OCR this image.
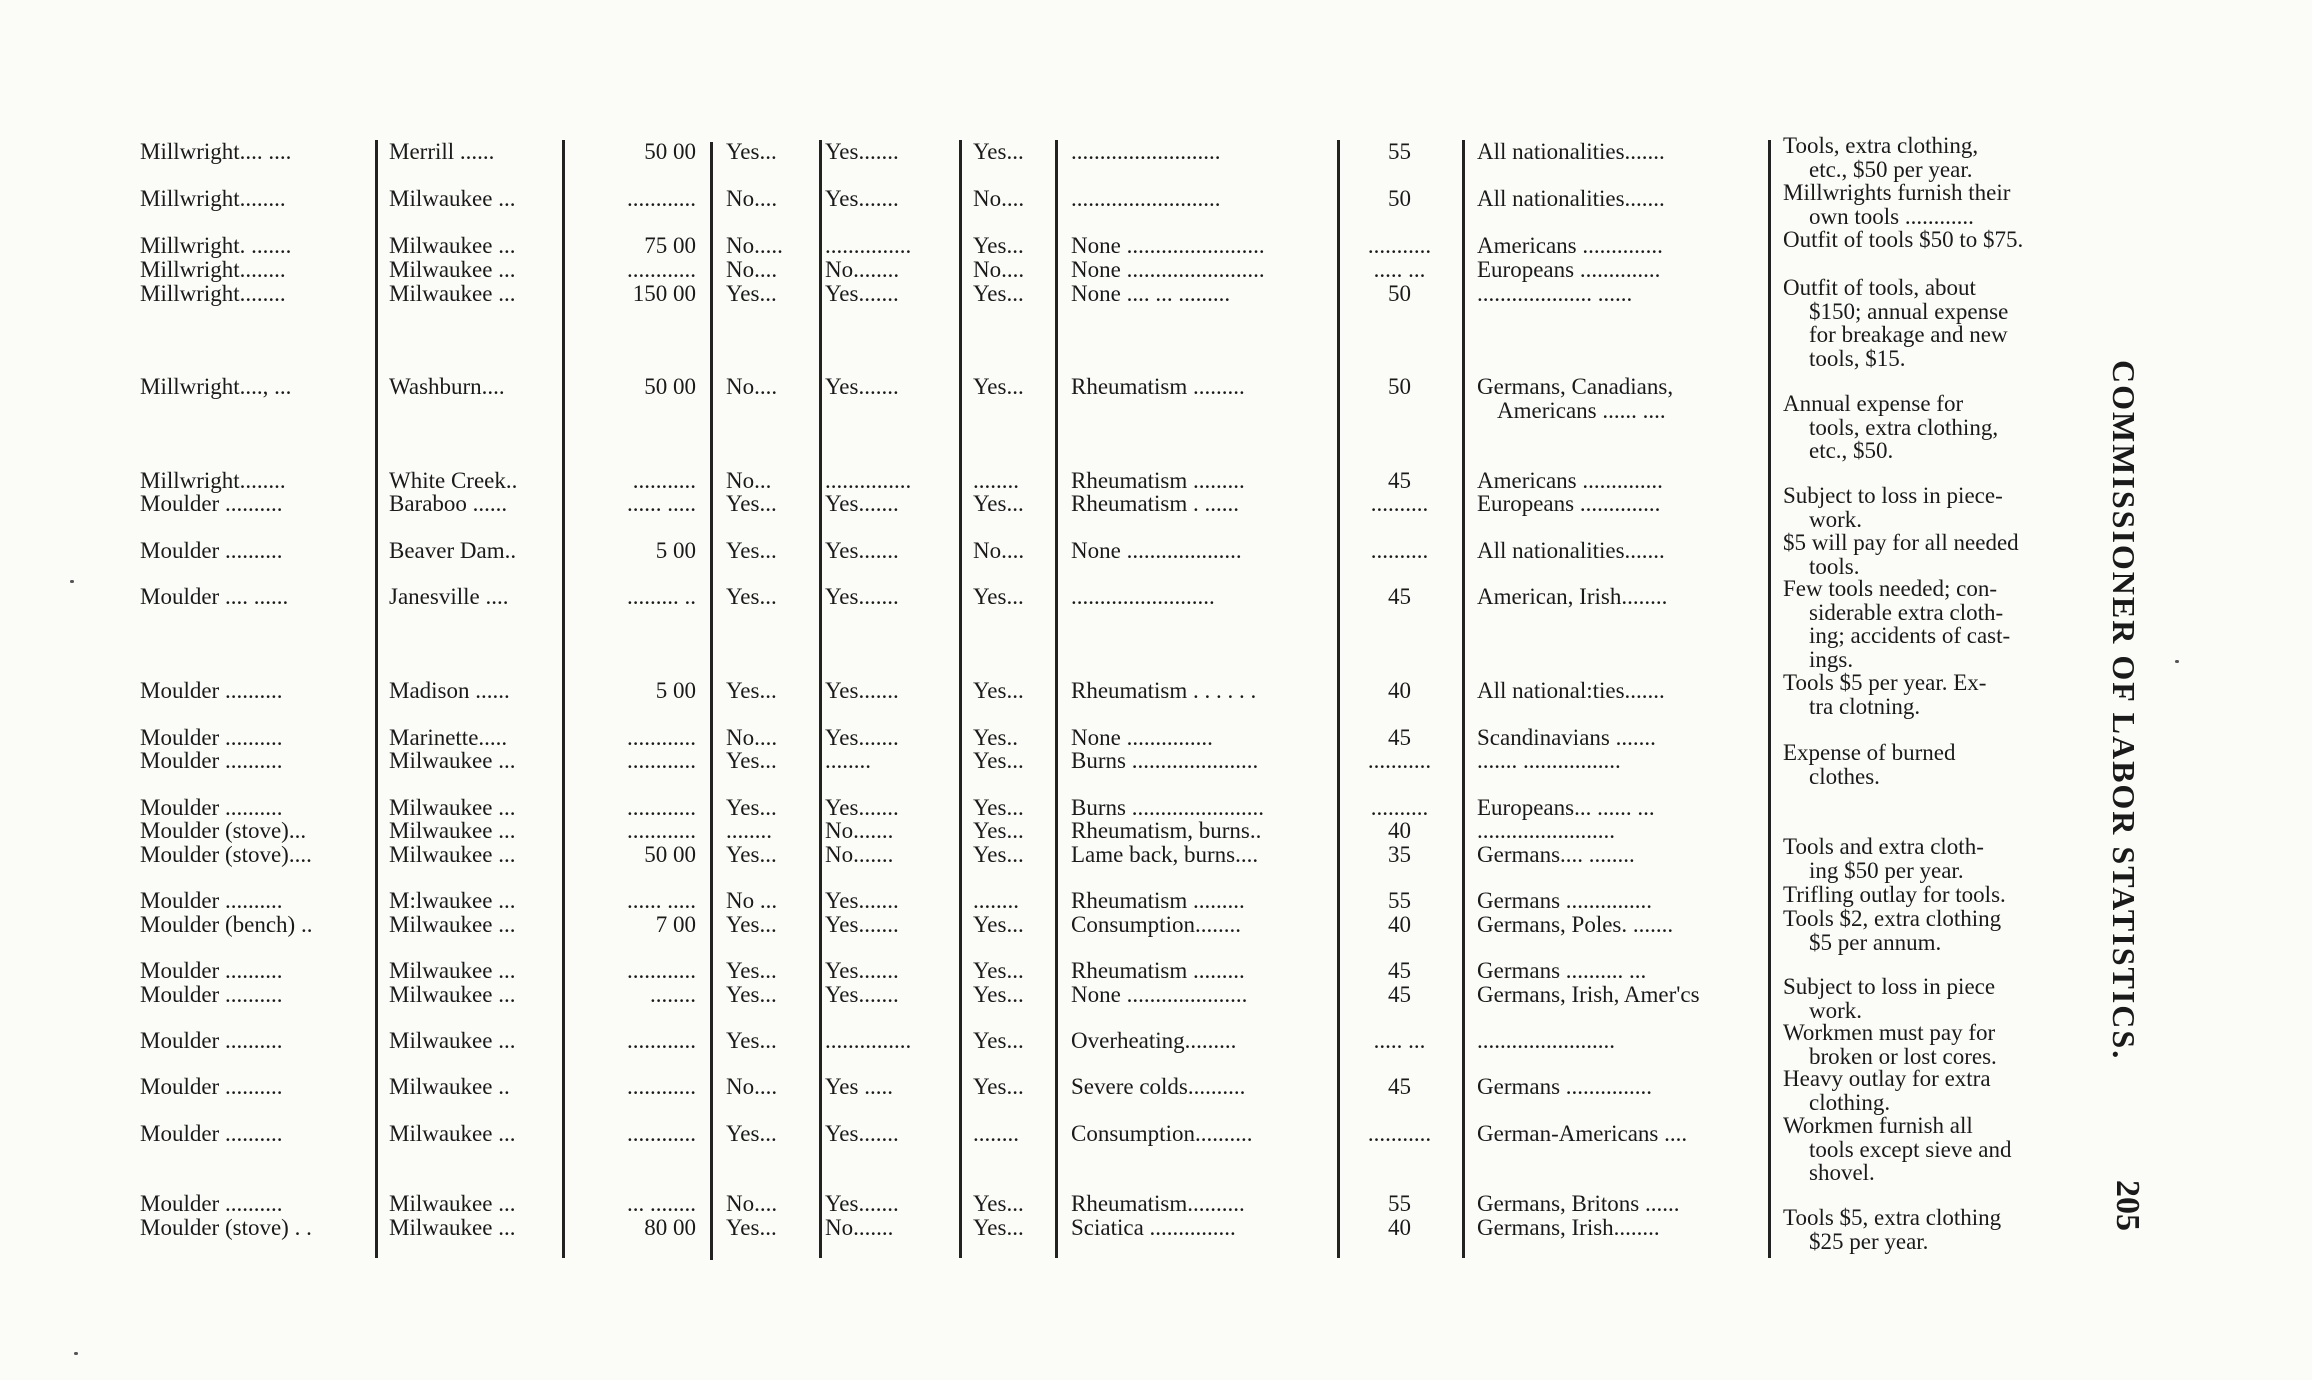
Millwright.... ....	Merrill ......	50 00 Yes...	Yes.......	Yes...	..........................	55	All nationalities.......	Tools, extra clothing,
etc., $50 per year.
Millwright........	Milwaukee ...	............ No....	Yes.......	No....	..........................	50	All nationalities.......	Millwrights furnish their
own tools ............
Millwright. .......	Milwaukee ...	75 00 No.....	...............	Yes...	None ........................	...........	Americans ..............	Outfit of tools $50 to $75.
Millwright........	Milwaukee ...	............ No....	No........	No....	None ........................	..... ...	Europeans ..............
Millwright........	Milwaukee ...	150 00 Yes...	Yes.......	Yes...	None .... ... .........	50	.................... ......	Outfit of tools, about
$150; annual expense
for breakage and new
tools, $15.
Millwright...., ...	Washburn....	50 00 No....	Yes.......	Yes...	Rheumatism .........	50	Germans, Canadians,
Americans ...... ....	Annual expense for
tools, extra clothing,
etc., $50.
Millwright........	White Creek..	........... No...	...............	........	Rheumatism .........	45	Americans ..............
Moulder ..........	Baraboo ......	...... ..... Yes...	Yes.......	Yes...	Rheumatism . ......	..........	Europeans ..............	Subject to loss in piece-
work.
Moulder ..........	Beaver Dam..	5 00 Yes...	Yes.......	No....	None ....................	..........	All nationalities.......	$5 will pay for all needed
tools.
Moulder .... ......	Janesville ....	......... .. Yes...	Yes.......	Yes...	.........................	45	American, Irish........	Few tools needed; con-
siderable extra cloth-
ing; accidents of cast-
ings.
Moulder ..........	Madison ......	5 00 Yes...	Yes.......	Yes...	Rheumatism . . . . . .	40	All national:ties.......	Tools $5 per year. Ex-
tra clotning.
Moulder ..........	Marinette.....	............ No....	Yes.......	Yes..	None ...............	45	Scandinavians .......
Moulder ..........	Milwaukee ...	............ Yes...	........	Yes...	Burns ......................	...........	....... .................	Expense of burned
clothes.
Moulder ..........	Milwaukee ...	............ Yes...	Yes.......	Yes...	Burns .......................	..........	Europeans... ...... ...
Moulder (stove)...	Milwaukee ...	............ ........	No.......	Yes...	Rheumatism, burns..	40	........................
Moulder (stove)....	Milwaukee ...	50 00 Yes...	No.......	Yes...	Lame back, burns....	35	Germans.... ........	Tools and extra cloth-
ing $50 per year.
Moulder ..........	M:lwaukee ...	...... ..... No ...	Yes.......	........	Rheumatism .........	55	Germans ...............	Trifling outlay for tools.
Moulder (bench) ..	Milwaukee ...	7 00 Yes...	Yes.......	Yes...	Consumption........	40	Germans, Poles. .......	Tools $2, extra clothing
$5 per annum.
Moulder ..........	Milwaukee ...	............ Yes...	Yes.......	Yes...	Rheumatism .........	45	Germans .......... ...
Moulder ..........	Milwaukee ...	........ Yes...	Yes.......	Yes...	None .....................	45	Germans, Irish, Amer'cs	Subject to loss in piece
work.
Moulder ..........	Milwaukee ...	............ Yes...	...............	Yes...	Overheating.........	..... ...	........................	Workmen must pay for
broken or lost cores.
Moulder ..........	Milwaukee ..	............ No....	Yes .....	Yes...	Severe colds..........	45	Germans ...............	Heavy outlay for extra
clothing.
Moulder ..........	Milwaukee ...	............ Yes...	Yes.......	........	Consumption..........	...........	German-Americans ....	Workmen furnish all
tools except sieve and
shovel.
Moulder ..........	Milwaukee ...	... ........ No....	Yes.......	Yes...	Rheumatism..........	55	Germans, Britons ......
Moulder (stove) . .	Milwaukee ...	80 00 Yes...	No.......	Yes...	Sciatica ...............	40	Germans, Irish........	Tools $5, extra clothing
$25 per year.
COMMISSIONER OF LABOR STATISTICS.
205
